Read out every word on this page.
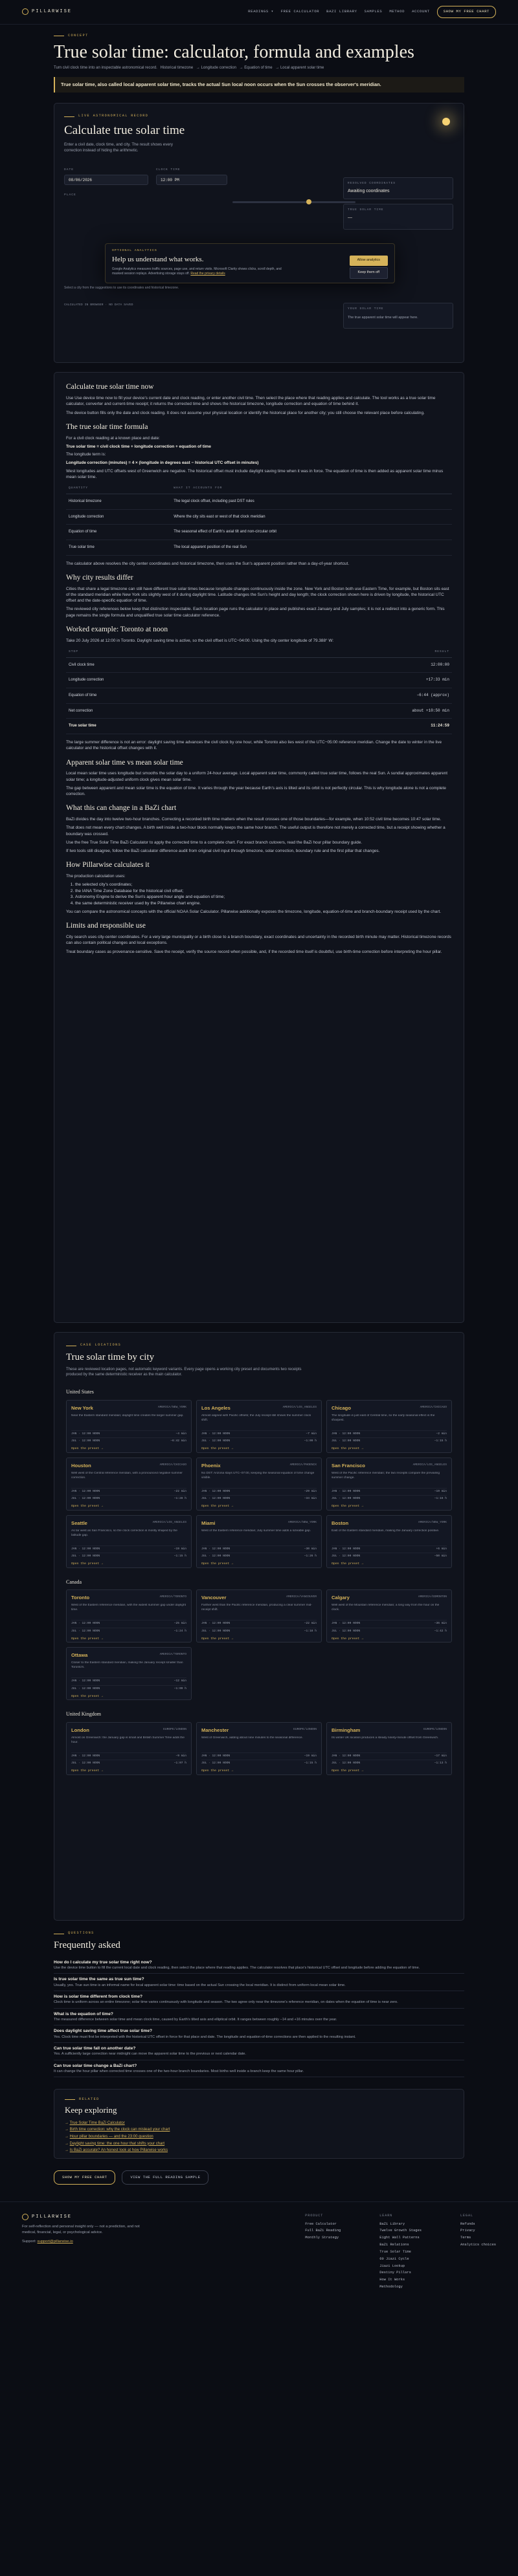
PILLARWISE	READINGS ▾ FREE CALCULATOR BAZI LIBRARY SAMPLES METHOD ACCOUNT	SHOW MY FREE CHART
CONCEPT
True solar time: calculator, formula and examples
Turn civil clock time into an inspectable astronomical record. Historical timezone → Longitude correction → Equation of time → Local apparent solar time
True solar time, also called local apparent solar time, tracks the actual Sun local noon occurs when the Sun crosses the observer's meridian.
LIVE ASTRONOMICAL RECORD
Calculate true solar time
Enter a civil date, clock time, and city. The result shows every correction instead of hiding the arithmetic.
DATE
08/06/2026
CLOCK TIME
12:00 PM
PLACE
RESOLVED COORDINATES
Awaiting coordinates
TRUE SOLAR TIME
—
OPTIONAL ANALYTICS
Help us understand what works.

Google Analytics measures traffic sources, page use, and return visits. Microsoft Clarity shows clicks, scroll depth, and masked session replays. Advertising storage stays off. Read the privacy details

Allow analytics
Keep them off
Select a city from the suggestions to use its coordinates and historical timezone.
CALCULATED IN BROWSER · NO DATA SAVED
YOUR SOLAR TIME
The true apparent solar time will appear here.
Calculate true solar time now

Use Use device time now to fill your device's current date and clock reading, or enter another civil time. Then select the place where that reading applies and calculate. The tool works as a true solar time calculator, converter and current-time receipt; it returns the corrected time and shows the historical timezone, longitude correction and equation of time behind it.

The device button fills only the date and clock reading. It does not assume your physical location or identify the historical place for another city; you still choose the relevant place before calculating.

The true solar time formula

For a civil clock reading at a known place and date:

True solar time = civil clock time + longitude correction + equation of time

The longitude term is:

Longitude correction (minutes) = 4 × (longitude in degrees east − historical UTC offset in minutes)

West longitudes and UTC offsets west of Greenwich are negative. The historical offset must include daylight saving time when it was in force. The equation of time is then added as apparent solar time minus mean solar time.

QUANTITY	WHAT IT ACCOUNTS FOR
Historical timezone	The legal clock offset, including past DST rules
Longitude correction	Where the city sits east or west of that clock meridian
Equation of time	The seasonal effect of Earth's axial tilt and non-circular orbit
True solar time	The local apparent position of the real Sun

The calculator above resolves the city center coordinates and historical timezone, then uses the Sun's apparent position rather than a day-of-year shortcut.

Why city results differ

Cities that share a legal timezone can still have different true solar times because longitude changes continuously inside the zone. New York and Boston both use Eastern Time, for example, but Boston sits east of the standard meridian while New York sits slightly west of it during daylight time. Latitude changes the Sun's height and day length; the clock correction shown here is driven by longitude, the historical UTC offset and the date-specific equation of time.

The reviewed city references below keep that distinction inspectable. Each location page runs the calculator in place and publishes exact January and July samples; it is not a redirect into a generic form. This page remains the single formula and unqualified true solar time calculator reference.

Worked example: Toronto at noon

Take 20 July 2026 at 12:00 in Toronto. Daylight saving time is active, so the civil offset is UTC−04:00. Using the city center longitude of 79.388° W:

STEP	RESULT
Civil clock time	12:00:00
Longitude correction	+17:33 min
Equation of time	−6:44 (approx)
Net correction	about +10:50 min
True solar time	11:24:59

The large summer difference is not an error: daylight saving time advances the civil clock by one hour, while Toronto also lies west of the UTC−05:00 reference meridian. Change the date to winter in the live calculator and the historical offset changes with it.

Apparent solar time vs mean solar time

Local mean solar time uses longitude but smooths the solar day to a uniform 24-hour average. Local apparent solar time, commonly called true solar time, follows the real Sun. A sundial approximates apparent solar time; a longitude-adjusted uniform clock gives mean solar time.

The gap between apparent and mean solar time is the equation of time. It varies through the year because Earth's axis is tilted and its orbit is not perfectly circular. This is why longitude alone is not a complete correction.

What this can change in a BaZi chart

BaZi divides the day into twelve two-hour branches. Correcting a recorded birth time matters when the result crosses one of those boundaries—for example, when 10:52 civil time becomes 10:47 solar time.

That does not mean every chart changes. A birth well inside a two-hour block normally keeps the same hour branch. The useful output is therefore not merely a corrected time, but a receipt showing whether a boundary was crossed.

Use the free True Solar Time BaZi Calculator to apply the corrected time to a complete chart. For exact branch cutovers, read the BaZi hour pillar boundary guide.

If two tools still disagree, follow the BaZi calculator difference audit from original civil input through timezone, solar correction, boundary rule and the first pillar that changes.

How Pillarwise calculates it

The production calculation uses:

1. the selected city's coordinates;
2. the IANA Time Zone Database for the historical civil offset;
3. Astronomy Engine to derive the Sun's apparent hour angle and equation of time;
4. the same deterministic receiver used by the Pillarwise chart engine.

You can compare the astronomical concepts with the official NOAA Solar Calculator. Pillarwise additionally exposes the timezone, longitude, equation-of-time and branch-boundary receipt used by the chart.

Limits and responsible use

City search uses city-center coordinates. For a very large municipality or a birth close to a branch boundary, exact coordinates and uncertainty in the recorded birth minute may matter. Historical timezone records can also contain political changes and local exceptions.

Treat boundary cases as provenance-sensitive. Save the receipt, verify the source record when possible, and, if the recorded time itself is doubtful, use birth-time correction before interpreting the hour pillar.

CASE LOCATIONS
True solar time by city
These are reviewed location pages, not automatic keyword variants. Every page opens a working city preset and documents two receipts produced by the same deterministic receiver as the main calculator.
United States
AMERICA/NEW_YORK
New York

Near the Eastern standard meridian; daylight time creates the larger summer gap.

JAN · 12:00 NOON	−4 min
JUL · 12:00 NOON	−6:42 min
Open the preset →
AMERICA/LOS_ANGELES
Los Angeles

Almost aligned with Pacific offsets; the July receipt still shows the summer clock shift.

JAN · 12:00 NOON	−7 min
JUL · 12:00 NOON	−1:09 h
Open the preset →
AMERICA/CHICAGO
Chicago

The longitude is just east of Central time, so the early seasonal effect is the sharpest.

JAN · 12:00 NOON	−2 min
JUL · 12:00 NOON	−1:15 h
Open the preset →
AMERICA/CHICAGO
Houston

Well west of the Central reference meridian, with a pronounced negative summer correction.

JAN · 12:00 NOON	−22 min
JUL · 12:00 NOON	−1:28 h
Open the preset →
AMERICA/PHOENIX
Phoenix

No DST: Arizona stays UTC−07:00, keeping the seasonal equation of time change visible.

JAN · 12:00 NOON	−29 min
JUL · 12:00 NOON	−34 min
Open the preset →
AMERICA/LOS_ANGELES
San Francisco

West of the Pacific reference meridian; the two receipts compare the prevailing summer change.

JAN · 12:00 NOON	−19 min
JUL · 12:00 NOON	−1:16 h
Open the preset →
AMERICA/LOS_ANGELES
Seattle

As far west as San Francisco, so the clock correction is mostly shaped by the latitude gap.

JAN · 12:00 NOON	−19 min
JUL · 12:00 NOON	−1:15 h
Open the preset →
AMERICA/NEW_YORK
Miami

West of the Eastern reference meridian; July summer time adds a sizeable gap.

JAN · 12:00 NOON	−30 min
JUL · 12:00 NOON	−1:26 h
Open the preset →
AMERICA/NEW_YORK
Boston

East of the Eastern standard meridian, making the January correction positive.

JAN · 12:00 NOON	+6 min
JUL · 12:00 NOON	−50 min
Open the preset →
Canada
AMERICA/TORONTO
Toronto

West of the Eastern reference meridian, with the widest summer gap under daylight time.

JAN · 12:00 NOON	−25 min
JUL · 12:00 NOON	−1:24 h
Open the preset →
AMERICA/VANCOUVER
Vancouver

Farther west than the Pacific reference meridian, producing a clear summer mid-receipt shift.

JAN · 12:00 NOON	−22 min
JUL · 12:00 NOON	−1:18 h
Open the preset →
AMERICA/EDMONTON
Calgary

Well west of the Mountain reference meridian; a long way from the hour on the clock.

JAN · 12:00 NOON	−36 min
JUL · 12:00 NOON	−1:42 h
Open the preset →
AMERICA/TORONTO
Ottawa

Closer to the Eastern standard meridian, making the January receipt smaller than Toronto's.

JAN · 12:00 NOON	−12 min
JUL · 12:00 NOON	−1:09 h
Open the preset →
United Kingdom
EUROPE/LONDON
London

Almost on Greenwich: the January gap is small and British Summer Time adds the hour.

JAN · 12:00 NOON	−9 min
JUL · 12:00 NOON	−1:07 h
Open the preset →
EUROPE/LONDON
Manchester

West of Greenwich, adding about nine minutes to the seasonal difference.

JAN · 12:00 NOON	−19 min
JUL · 12:00 NOON	−1:15 h
Open the preset →
EUROPE/LONDON
Birmingham

Its winter UK location produces a steady ninety-minute offset from Greenwich.

JAN · 12:00 NOON	−17 min
JUL · 12:00 NOON	−1:13 h
Open the preset →
QUESTIONS
Frequently asked
How do I calculate my true solar time right now?
Use the device time button to fill the current local date and clock reading, then select the place where that reading applies. The calculator resolves that place's historical UTC offset and longitude before adding the equation of time.
Is true solar time the same as true sun time?
Usually, yes. True sun time is an informal name for local apparent solar time: time based on the actual Sun crossing the local meridian. It is distinct from uniform local mean solar time.
How is solar time different from clock time?
Clock time is uniform across an entire timezone; solar time varies continuously with longitude and season. The two agree only near the timezone's reference meridian, on dates when the equation of time is near zero.
What is the equation of time?
The measured difference between solar time and mean clock time, caused by Earth's tilted axis and elliptical orbit. It ranges between roughly −14 and +16 minutes over the year.
Does daylight saving time affect true solar time?
Yes. Clock time must first be interpreted with the historical UTC offset in force for that place and date. The longitude and equation-of-time corrections are then applied to the resulting instant.
Can true solar time fall on another date?
Yes. A sufficiently large correction near midnight can move the apparent solar time to the previous or next calendar date.
Can true solar time change a BaZi chart?
It can change the hour pillar when corrected time crosses one of the two-hour branch boundaries. Most births well inside a branch keep the same hour pillar.
RELATED
Keep exploring
→ True Solar Time BaZi Calculator
→ Birth time correction: why the clock can mislead your chart
→ Hour pillar boundaries — and the 23:00 question
→ Daylight saving time: the one hour that shifts your chart
→ Is BaZi accurate? An honest look at how Pillarwise works
SHOW MY FREE CHART	VIEW THE FULL READING SAMPLE
PILLARWISE

For self-reflection and personal insight only — not a prediction, and not medical, financial, legal, or psychological advice.

Support: support@pillarwise.io

PRODUCT
Free Calculator
Full BaZi Reading
Monthly Strategy
LEARN
BaZi Library
Twelve Growth Stages
Eight Wall Patterns
BaZi Relations
True Solar Time
60 Jiazi Cycle
Jiazi Lookup
Destiny Pillars
How It Works
Methodology
LEGAL
Refunds
Privacy
Terms
Analytics choices
